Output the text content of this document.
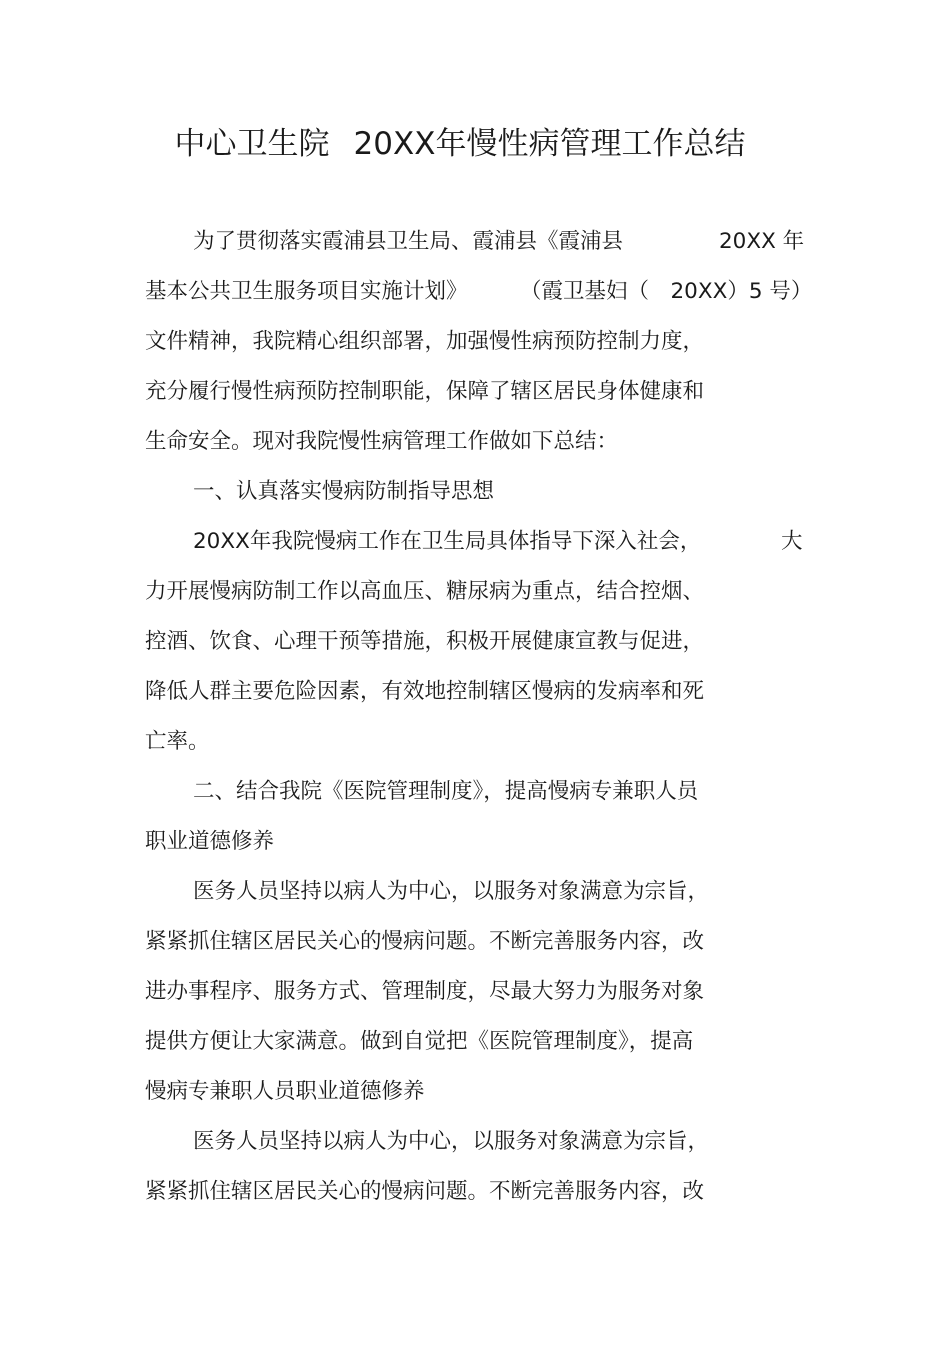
中心卫生院 20XX年慢性病管理工作总结
为了贯彻落实霞浦县卫生局、霞浦县《霞浦县	20XX 年
基本公共卫生服务项目实施计划》 （霞卫基妇（　20XX）5 号）
文件精神，我院精心组织部署，加强慢性病预防控制力度，
充分履行慢性病预防控制职能，保障了辖区居民身体健康和
生命安全。现对我院慢性病管理工作做如下总结：
一、认真落实慢病防制指导思想
20XX年我院慢病工作在卫生局具体指导下深入社会，	大
力开展慢病防制工作以高血压、糖尿病为重点，结合控烟、
控酒、饮食、心理干预等措施，积极开展健康宣教与促进，
降低人群主要危险因素，有效地控制辖区慢病的发病率和死
亡率。
二、结合我院《医院管理制度》，提高慢病专兼职人员
职业道德修养
医务人员坚持以病人为中心，以服务对象满意为宗旨，
紧紧抓住辖区居民关心的慢病问题。不断完善服务内容，改
进办事程序、服务方式、管理制度，尽最大努力为服务对象
提供方便让大家满意。做到自觉把《医院管理制度》，提高
慢病专兼职人员职业道德修养
医务人员坚持以病人为中心，以服务对象满意为宗旨，
紧紧抓住辖区居民关心的慢病问题。不断完善服务内容，改
